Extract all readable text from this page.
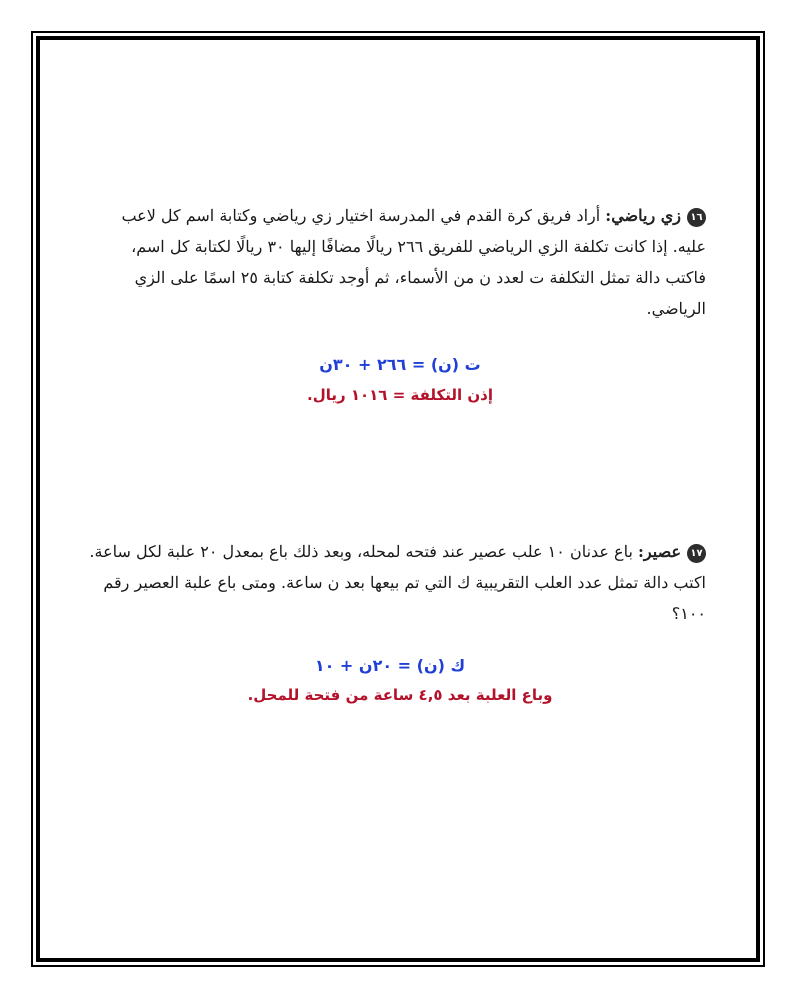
١٦زي رياضي: أراد فريق كرة القدم في المدرسة اختيار زي رياضي وكتابة اسم كل لاعب عليه. إذا كانت تكلفة الزي الرياضي للفريق ٢٦٦ ريالًا مضافًا إليها ٣٠ ريالًا لكتابة كل اسم، فاكتب دالة تمثل التكلفة ت لعدد ن من الأسماء، ثم أوجد تكلفة كتابة ٢٥ اسمًا على الزي الرياضي.
ت (ن) = ٢٦٦ + ٣٠ن
إذن التكلفة = ١٠١٦ ريال.
١٧عصير: باع عدنان ١٠ علب عصير عند فتحه لمحله، وبعد ذلك باع بمعدل ٢٠ علبة لكل ساعة. اكتب دالة تمثل عدد العلب التقريبية ك التي تم بيعها بعد ن ساعة. ومتى باع علبة العصير رقم ١٠٠؟
ك (ن) = ٢٠ن + ١٠
وباع العلبة بعد ٤,٥ ساعة من فتحة للمحل.
